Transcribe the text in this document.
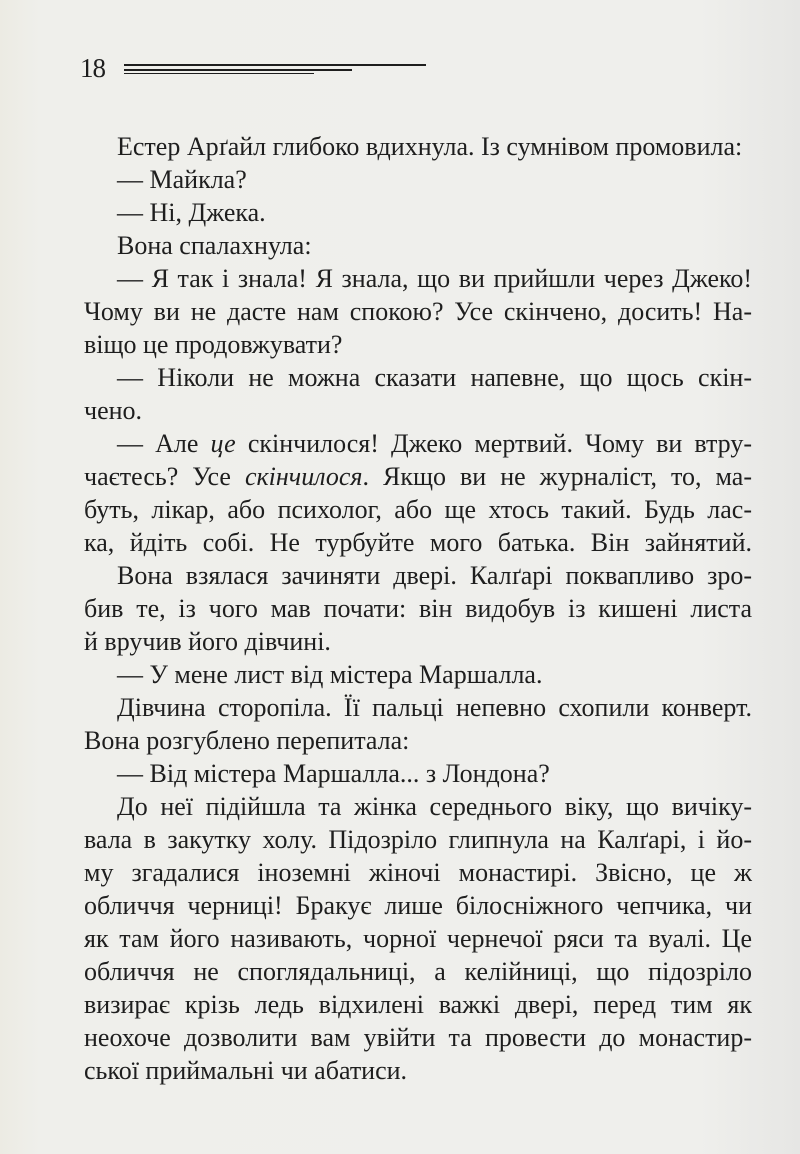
18
Естер Арґайл глибоко вдихнула. Із сумнівом промовила:
— Майкла?
— Ні, Джека.
Вона спалахнула:
— Я так і знала! Я знала, що ви прийшли через Джеко!
Чому ви не дасте нам спокою? Усе скінчено, досить! На-
віщо це продовжувати?
— Ніколи не можна сказати напевне, що щось скін-
чено.
— Але це скінчилося! Джеко мертвий. Чому ви втру-
чаєтесь? Усе скінчилося. Якщо ви не журналіст, то, ма-
буть, лікар, або психолог, або ще хтось такий. Будь лас-
ка, йдіть собі. Не турбуйте мого батька. Він зайнятий.
Вона взялася зачиняти двері. Калґарі поквапливо зро-
бив те, із чого мав почати: він видобув із кишені листа
й вручив його дівчині.
— У мене лист від містера Маршалла.
Дівчина сторопіла. Її пальці непевно схопили конверт.
Вона розгублено перепитала:
— Від містера Маршалла... з Лондона?
До неї підійшла та жінка середнього віку, що вичіку-
вала в закутку холу. Підозріло глипнула на Калґарі, і йо-
му згадалися іноземні жіночі монастирі. Звісно, це ж
обличчя черниці! Бракує лише білосніжного чепчика, чи
як там його називають, чорної чернечої ряси та вуалі. Це
обличчя не споглядальниці, а келійниці, що підозріло
визирає крізь ледь відхилені важкі двері, перед тим як
неохоче дозволити вам увійти та провести до монастир-
ської приймальні чи абатиси.
